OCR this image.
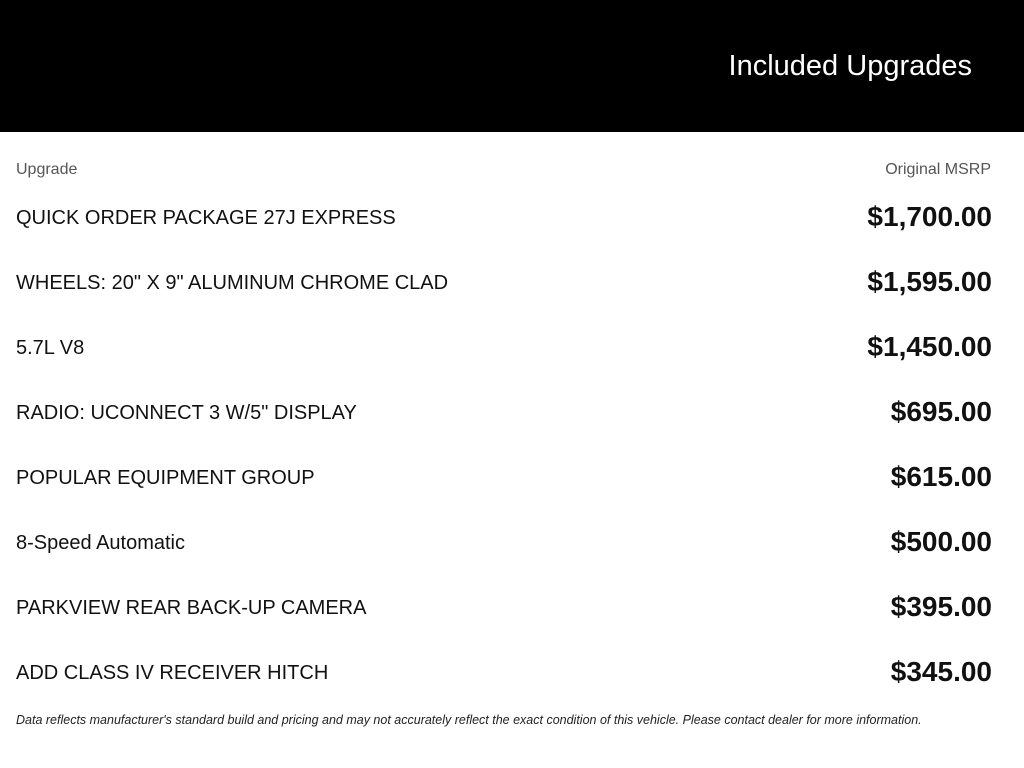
Included Upgrades
Upgrade	Original MSRP
QUICK ORDER PACKAGE 27J EXPRESS	$1,700.00
WHEELS: 20" X 9" ALUMINUM CHROME CLAD	$1,595.00
5.7L V8	$1,450.00
RADIO: UCONNECT 3 W/5" DISPLAY	$695.00
POPULAR EQUIPMENT GROUP	$615.00
8-Speed Automatic	$500.00
PARKVIEW REAR BACK-UP CAMERA	$395.00
ADD CLASS IV RECEIVER HITCH	$345.00
Data reflects manufacturer's standard build and pricing and may not accurately reflect the exact condition of this vehicle. Please contact dealer for more information.
